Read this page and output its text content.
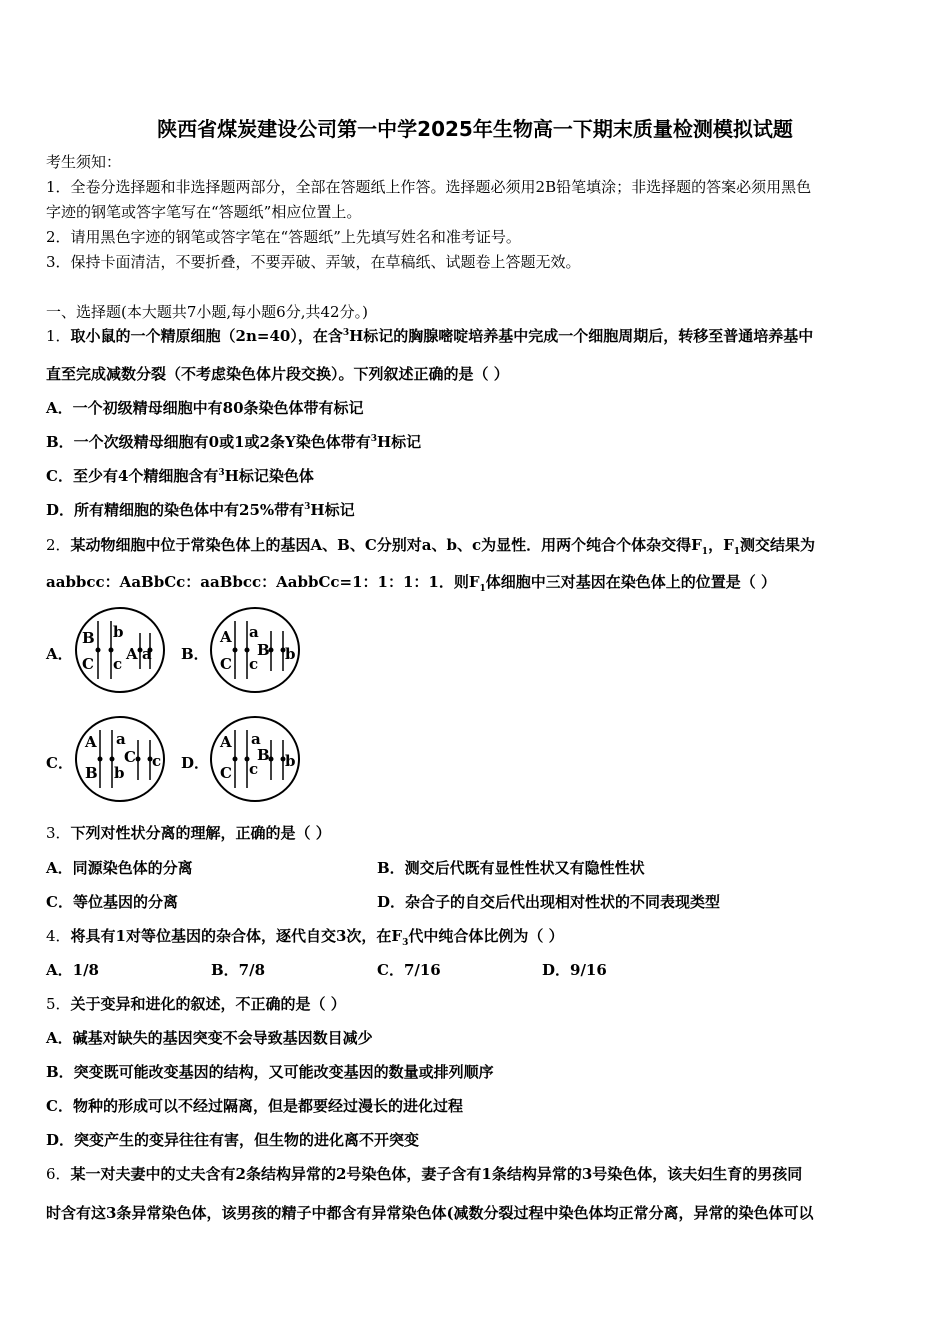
陕西省煤炭建设公司第一中学2025年生物高一下期末质量检测模拟试题
考生须知：
1．全卷分选择题和非选择题两部分，全部在答题纸上作答。选择题必须用2B铅笔填涂；非选择题的答案必须用黑色
字迹的钢笔或答字笔写在“答题纸”相应位置上。
2．请用黑色字迹的钢笔或答字笔在“答题纸”上先填写姓名和准考证号。
3．保持卡面清洁，不要折叠，不要弄破、弄皱，在草稿纸、试题卷上答题无效。
一、选择题(本大题共7小题,每小题6分,共42分。)
1．取小鼠的一个精原细胞（2n=40），在含$^3$H标记的胸腺嘧啶培养基中完成一个细胞周期后，转移至普通培养基中
直至完成减数分裂（不考虑染色体片段交换）。下列叙述正确的是（ ）
A．一个初级精母细胞中有80条染色体带有标记
B．一个次级精母细胞有0或1或2条Y染色体带有$^3$H标记
C．至少有4个精细胞含有$^3$H标记染色体
D．所有精细胞的染色体中有25%带有$^3$H标记
2．某动物细胞中位于常染色体上的基因A、B、C分别对a、b、c为显性．用两个纯合个体杂交得$F_1$，$F_1$测交结果为
aabbcc：AaBbCc：aaBbcc：AabbCc=1：1：1：1．则$F_1$体细胞中三对基因在染色体上的位置是（ ）
A．	B．
C．	D．
B b
C c
A a
A a
C c
B b
A a
B b
C c
A a
C c
B b
3．下列对性状分离的理解，正确的是（ ）
A．同源染色体的分离	B．测交后代既有显性性状又有隐性性状
C．等位基因的分离	D．杂合子的自交后代出现相对性状的不同表现类型
4．将具有1对等位基因的杂合体，逐代自交3次，在$F_3$代中纯合体比例为（ ）
A．1/8	B．7/8	C．7/16	D．9/16
5．关于变异和进化的叙述，不正确的是（ ）
A．碱基对缺失的基因突变不会导致基因数目减少
B．突变既可能改变基因的结构，又可能改变基因的数量或排列顺序
C．物种的形成可以不经过隔离，但是都要经过漫长的进化过程
D．突变产生的变异往往有害，但生物的进化离不开突变
6．某一对夫妻中的丈夫含有2条结构异常的2号染色体，妻子含有1条结构异常的3号染色体，该夫妇生育的男孩同
时含有这3条异常染色体，该男孩的精子中都含有异常染色体(减数分裂过程中染色体均正常分离，异常的染色体可以
